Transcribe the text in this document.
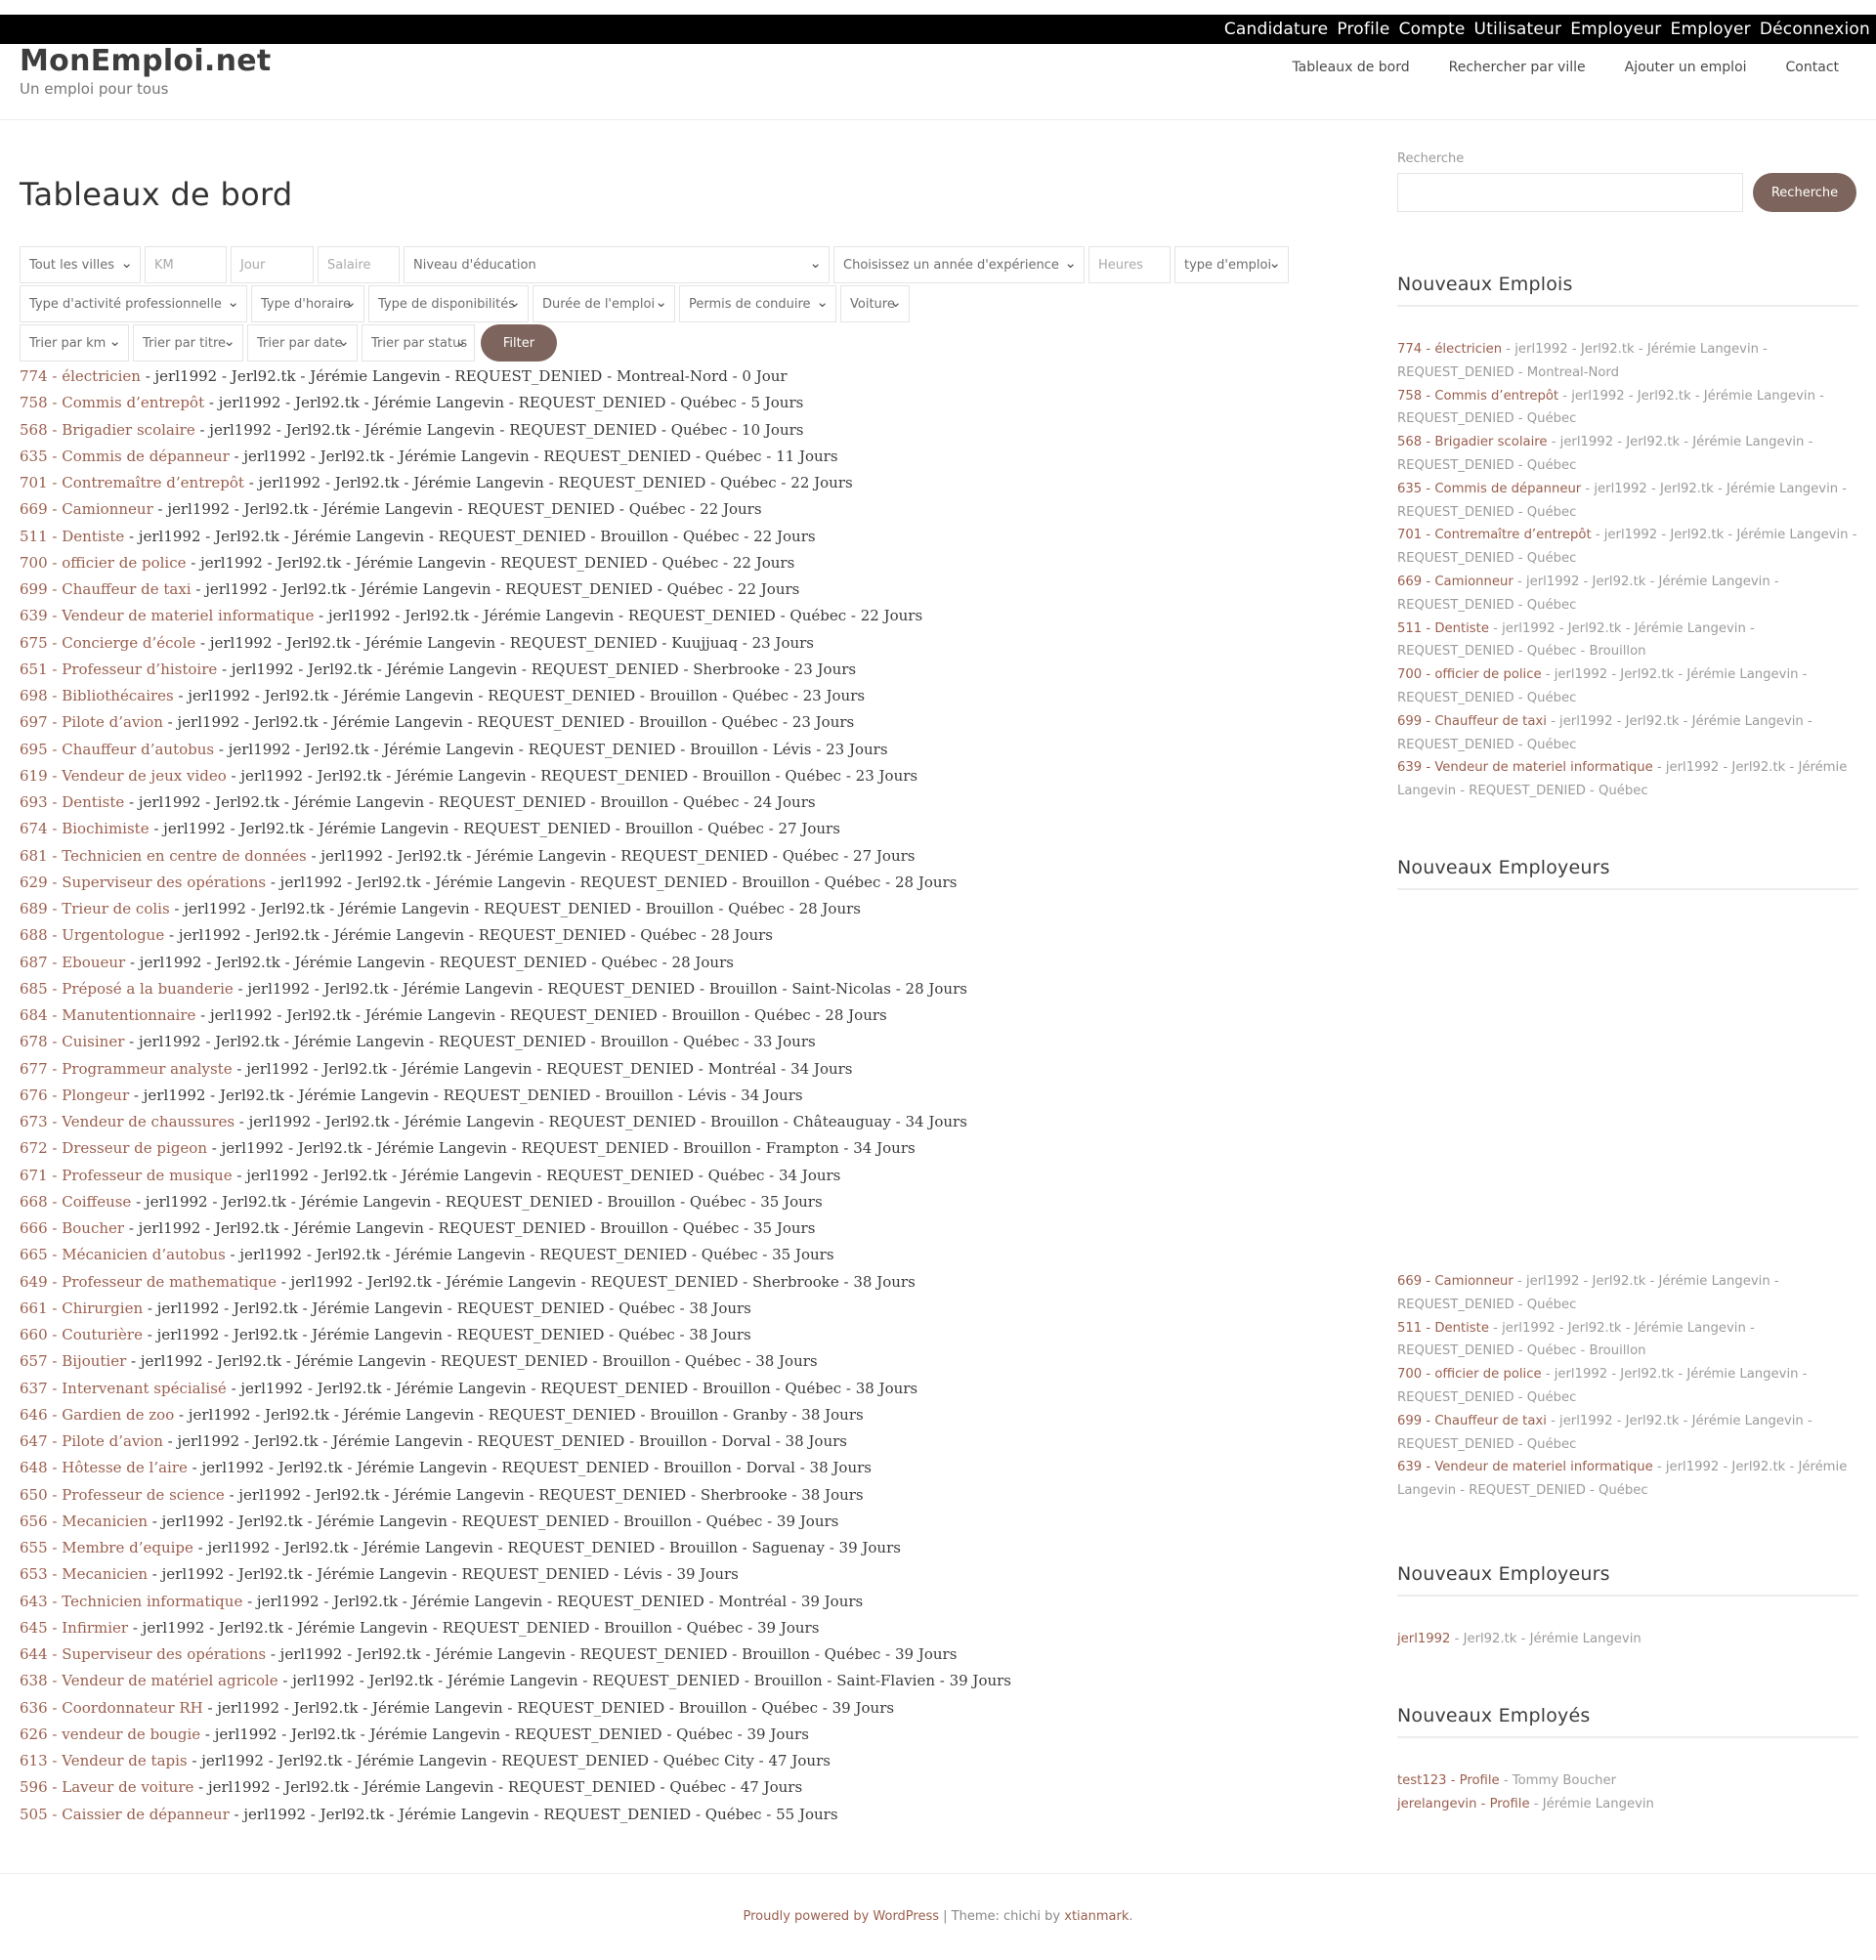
Candidature Profile Compte Utilisateur Employeur Employer Déconnexion
MonEmploi.net
Un emploi pour tous
Tableaux de bord	Rechercher par ville	Ajouter un emploi	Contact
Tableaux de bord
Tout les villes ⌄	KM	Jour	Salaire	Niveau d'éducation ⌄	Choisissez un année d'expérience ⌄	Heures	type d'emploi ⌄
Type d'activité professionnelle ⌄	Type d'horaire ⌄	Type de disponibilités ⌄	Durée de l'emploi ⌄	Permis de conduire ⌄	Voiture ⌄
Trier par km ⌄	Trier par titre ⌄	Trier par date ⌄	Trier par status ⌄	Filter
774 - électricien - jerl1992 - Jerl92.tk - Jérémie Langevin - REQUEST_DENIED - Montreal-Nord - 0 Jour
758 - Commis d’entrepôt - jerl1992 - Jerl92.tk - Jérémie Langevin - REQUEST_DENIED - Québec - 5 Jours
568 - Brigadier scolaire - jerl1992 - Jerl92.tk - Jérémie Langevin - REQUEST_DENIED - Québec - 10 Jours
635 - Commis de dépanneur - jerl1992 - Jerl92.tk - Jérémie Langevin - REQUEST_DENIED - Québec - 11 Jours
701 - Contremaître d’entrepôt - jerl1992 - Jerl92.tk - Jérémie Langevin - REQUEST_DENIED - Québec - 22 Jours
669 - Camionneur - jerl1992 - Jerl92.tk - Jérémie Langevin - REQUEST_DENIED - Québec - 22 Jours
511 - Dentiste - jerl1992 - Jerl92.tk - Jérémie Langevin - REQUEST_DENIED - Brouillon - Québec - 22 Jours
700 - officier de police - jerl1992 - Jerl92.tk - Jérémie Langevin - REQUEST_DENIED - Québec - 22 Jours
699 - Chauffeur de taxi - jerl1992 - Jerl92.tk - Jérémie Langevin - REQUEST_DENIED - Québec - 22 Jours
639 - Vendeur de materiel informatique - jerl1992 - Jerl92.tk - Jérémie Langevin - REQUEST_DENIED - Québec - 22 Jours
675 - Concierge d’école - jerl1992 - Jerl92.tk - Jérémie Langevin - REQUEST_DENIED - Kuujjuaq - 23 Jours
651 - Professeur d’histoire - jerl1992 - Jerl92.tk - Jérémie Langevin - REQUEST_DENIED - Sherbrooke - 23 Jours
698 - Bibliothécaires - jerl1992 - Jerl92.tk - Jérémie Langevin - REQUEST_DENIED - Brouillon - Québec - 23 Jours
697 - Pilote d’avion - jerl1992 - Jerl92.tk - Jérémie Langevin - REQUEST_DENIED - Brouillon - Québec - 23 Jours
695 - Chauffeur d’autobus - jerl1992 - Jerl92.tk - Jérémie Langevin - REQUEST_DENIED - Brouillon - Lévis - 23 Jours
619 - Vendeur de jeux video - jerl1992 - Jerl92.tk - Jérémie Langevin - REQUEST_DENIED - Brouillon - Québec - 23 Jours
693 - Dentiste - jerl1992 - Jerl92.tk - Jérémie Langevin - REQUEST_DENIED - Brouillon - Québec - 24 Jours
674 - Biochimiste - jerl1992 - Jerl92.tk - Jérémie Langevin - REQUEST_DENIED - Brouillon - Québec - 27 Jours
681 - Technicien en centre de données - jerl1992 - Jerl92.tk - Jérémie Langevin - REQUEST_DENIED - Québec - 27 Jours
629 - Superviseur des opérations - jerl1992 - Jerl92.tk - Jérémie Langevin - REQUEST_DENIED - Brouillon - Québec - 28 Jours
689 - Trieur de colis - jerl1992 - Jerl92.tk - Jérémie Langevin - REQUEST_DENIED - Brouillon - Québec - 28 Jours
688 - Urgentologue - jerl1992 - Jerl92.tk - Jérémie Langevin - REQUEST_DENIED - Québec - 28 Jours
687 - Eboueur - jerl1992 - Jerl92.tk - Jérémie Langevin - REQUEST_DENIED - Québec - 28 Jours
685 - Préposé a la buanderie - jerl1992 - Jerl92.tk - Jérémie Langevin - REQUEST_DENIED - Brouillon - Saint-Nicolas - 28 Jours
684 - Manutentionnaire - jerl1992 - Jerl92.tk - Jérémie Langevin - REQUEST_DENIED - Brouillon - Québec - 28 Jours
678 - Cuisiner - jerl1992 - Jerl92.tk - Jérémie Langevin - REQUEST_DENIED - Brouillon - Québec - 33 Jours
677 - Programmeur analyste - jerl1992 - Jerl92.tk - Jérémie Langevin - REQUEST_DENIED - Montréal - 34 Jours
676 - Plongeur - jerl1992 - Jerl92.tk - Jérémie Langevin - REQUEST_DENIED - Brouillon - Lévis - 34 Jours
673 - Vendeur de chaussures - jerl1992 - Jerl92.tk - Jérémie Langevin - REQUEST_DENIED - Brouillon - Châteauguay - 34 Jours
672 - Dresseur de pigeon - jerl1992 - Jerl92.tk - Jérémie Langevin - REQUEST_DENIED - Brouillon - Frampton - 34 Jours
671 - Professeur de musique - jerl1992 - Jerl92.tk - Jérémie Langevin - REQUEST_DENIED - Québec - 34 Jours
668 - Coiffeuse - jerl1992 - Jerl92.tk - Jérémie Langevin - REQUEST_DENIED - Brouillon - Québec - 35 Jours
666 - Boucher - jerl1992 - Jerl92.tk - Jérémie Langevin - REQUEST_DENIED - Brouillon - Québec - 35 Jours
665 - Mécanicien d’autobus - jerl1992 - Jerl92.tk - Jérémie Langevin - REQUEST_DENIED - Québec - 35 Jours
649 - Professeur de mathematique - jerl1992 - Jerl92.tk - Jérémie Langevin - REQUEST_DENIED - Sherbrooke - 38 Jours
661 - Chirurgien - jerl1992 - Jerl92.tk - Jérémie Langevin - REQUEST_DENIED - Québec - 38 Jours
660 - Couturière - jerl1992 - Jerl92.tk - Jérémie Langevin - REQUEST_DENIED - Québec - 38 Jours
657 - Bijoutier - jerl1992 - Jerl92.tk - Jérémie Langevin - REQUEST_DENIED - Brouillon - Québec - 38 Jours
637 - Intervenant spécialisé - jerl1992 - Jerl92.tk - Jérémie Langevin - REQUEST_DENIED - Brouillon - Québec - 38 Jours
646 - Gardien de zoo - jerl1992 - Jerl92.tk - Jérémie Langevin - REQUEST_DENIED - Brouillon - Granby - 38 Jours
647 - Pilote d’avion - jerl1992 - Jerl92.tk - Jérémie Langevin - REQUEST_DENIED - Brouillon - Dorval - 38 Jours
648 - Hôtesse de l’aire - jerl1992 - Jerl92.tk - Jérémie Langevin - REQUEST_DENIED - Brouillon - Dorval - 38 Jours
650 - Professeur de science - jerl1992 - Jerl92.tk - Jérémie Langevin - REQUEST_DENIED - Sherbrooke - 38 Jours
656 - Mecanicien - jerl1992 - Jerl92.tk - Jérémie Langevin - REQUEST_DENIED - Brouillon - Québec - 39 Jours
655 - Membre d’equipe - jerl1992 - Jerl92.tk - Jérémie Langevin - REQUEST_DENIED - Brouillon - Saguenay - 39 Jours
653 - Mecanicien - jerl1992 - Jerl92.tk - Jérémie Langevin - REQUEST_DENIED - Lévis - 39 Jours
643 - Technicien informatique - jerl1992 - Jerl92.tk - Jérémie Langevin - REQUEST_DENIED - Montréal - 39 Jours
645 - Infirmier - jerl1992 - Jerl92.tk - Jérémie Langevin - REQUEST_DENIED - Brouillon - Québec - 39 Jours
644 - Superviseur des opérations - jerl1992 - Jerl92.tk - Jérémie Langevin - REQUEST_DENIED - Brouillon - Québec - 39 Jours
638 - Vendeur de matériel agricole - jerl1992 - Jerl92.tk - Jérémie Langevin - REQUEST_DENIED - Brouillon - Saint-Flavien - 39 Jours
636 - Coordonnateur RH - jerl1992 - Jerl92.tk - Jérémie Langevin - REQUEST_DENIED - Brouillon - Québec - 39 Jours
626 - vendeur de bougie - jerl1992 - Jerl92.tk - Jérémie Langevin - REQUEST_DENIED - Québec - 39 Jours
613 - Vendeur de tapis - jerl1992 - Jerl92.tk - Jérémie Langevin - REQUEST_DENIED - Québec City - 47 Jours
596 - Laveur de voiture - jerl1992 - Jerl92.tk - Jérémie Langevin - REQUEST_DENIED - Québec - 47 Jours
505 - Caissier de dépanneur - jerl1992 - Jerl92.tk - Jérémie Langevin - REQUEST_DENIED - Québec - 55 Jours
Recherche
Recherche
Nouveaux Emplois
774 - électricien - jerl1992 - Jerl92.tk - Jérémie Langevin - REQUEST_DENIED - Montreal-Nord
758 - Commis d’entrepôt - jerl1992 - Jerl92.tk - Jérémie Langevin - REQUEST_DENIED - Québec
568 - Brigadier scolaire - jerl1992 - Jerl92.tk - Jérémie Langevin - REQUEST_DENIED - Québec
635 - Commis de dépanneur - jerl1992 - Jerl92.tk - Jérémie Langevin - REQUEST_DENIED - Québec
701 - Contremaître d’entrepôt - jerl1992 - Jerl92.tk - Jérémie Langevin - REQUEST_DENIED - Québec
669 - Camionneur - jerl1992 - Jerl92.tk - Jérémie Langevin - REQUEST_DENIED - Québec
511 - Dentiste - jerl1992 - Jerl92.tk - Jérémie Langevin - REQUEST_DENIED - Québec - Brouillon
700 - officier de police - jerl1992 - Jerl92.tk - Jérémie Langevin - REQUEST_DENIED - Québec
699 - Chauffeur de taxi - jerl1992 - Jerl92.tk - Jérémie Langevin - REQUEST_DENIED - Québec
639 - Vendeur de materiel informatique - jerl1992 - Jerl92.tk - Jérémie Langevin - REQUEST_DENIED - Québec
Nouveaux Employeurs
669 - Camionneur - jerl1992 - Jerl92.tk - Jérémie Langevin - REQUEST_DENIED - Québec
511 - Dentiste - jerl1992 - Jerl92.tk - Jérémie Langevin - REQUEST_DENIED - Québec - Brouillon
700 - officier de police - jerl1992 - Jerl92.tk - Jérémie Langevin - REQUEST_DENIED - Québec
699 - Chauffeur de taxi - jerl1992 - Jerl92.tk - Jérémie Langevin - REQUEST_DENIED - Québec
639 - Vendeur de materiel informatique - jerl1992 - Jerl92.tk - Jérémie Langevin - REQUEST_DENIED - Québec
Nouveaux Employeurs
jerl1992 - Jerl92.tk - Jérémie Langevin
Nouveaux Employés
test123 - Profile - Tommy Boucher
jerelangevin - Profile - Jérémie Langevin
Proudly powered by WordPress | Theme: chichi by xtianmark.
